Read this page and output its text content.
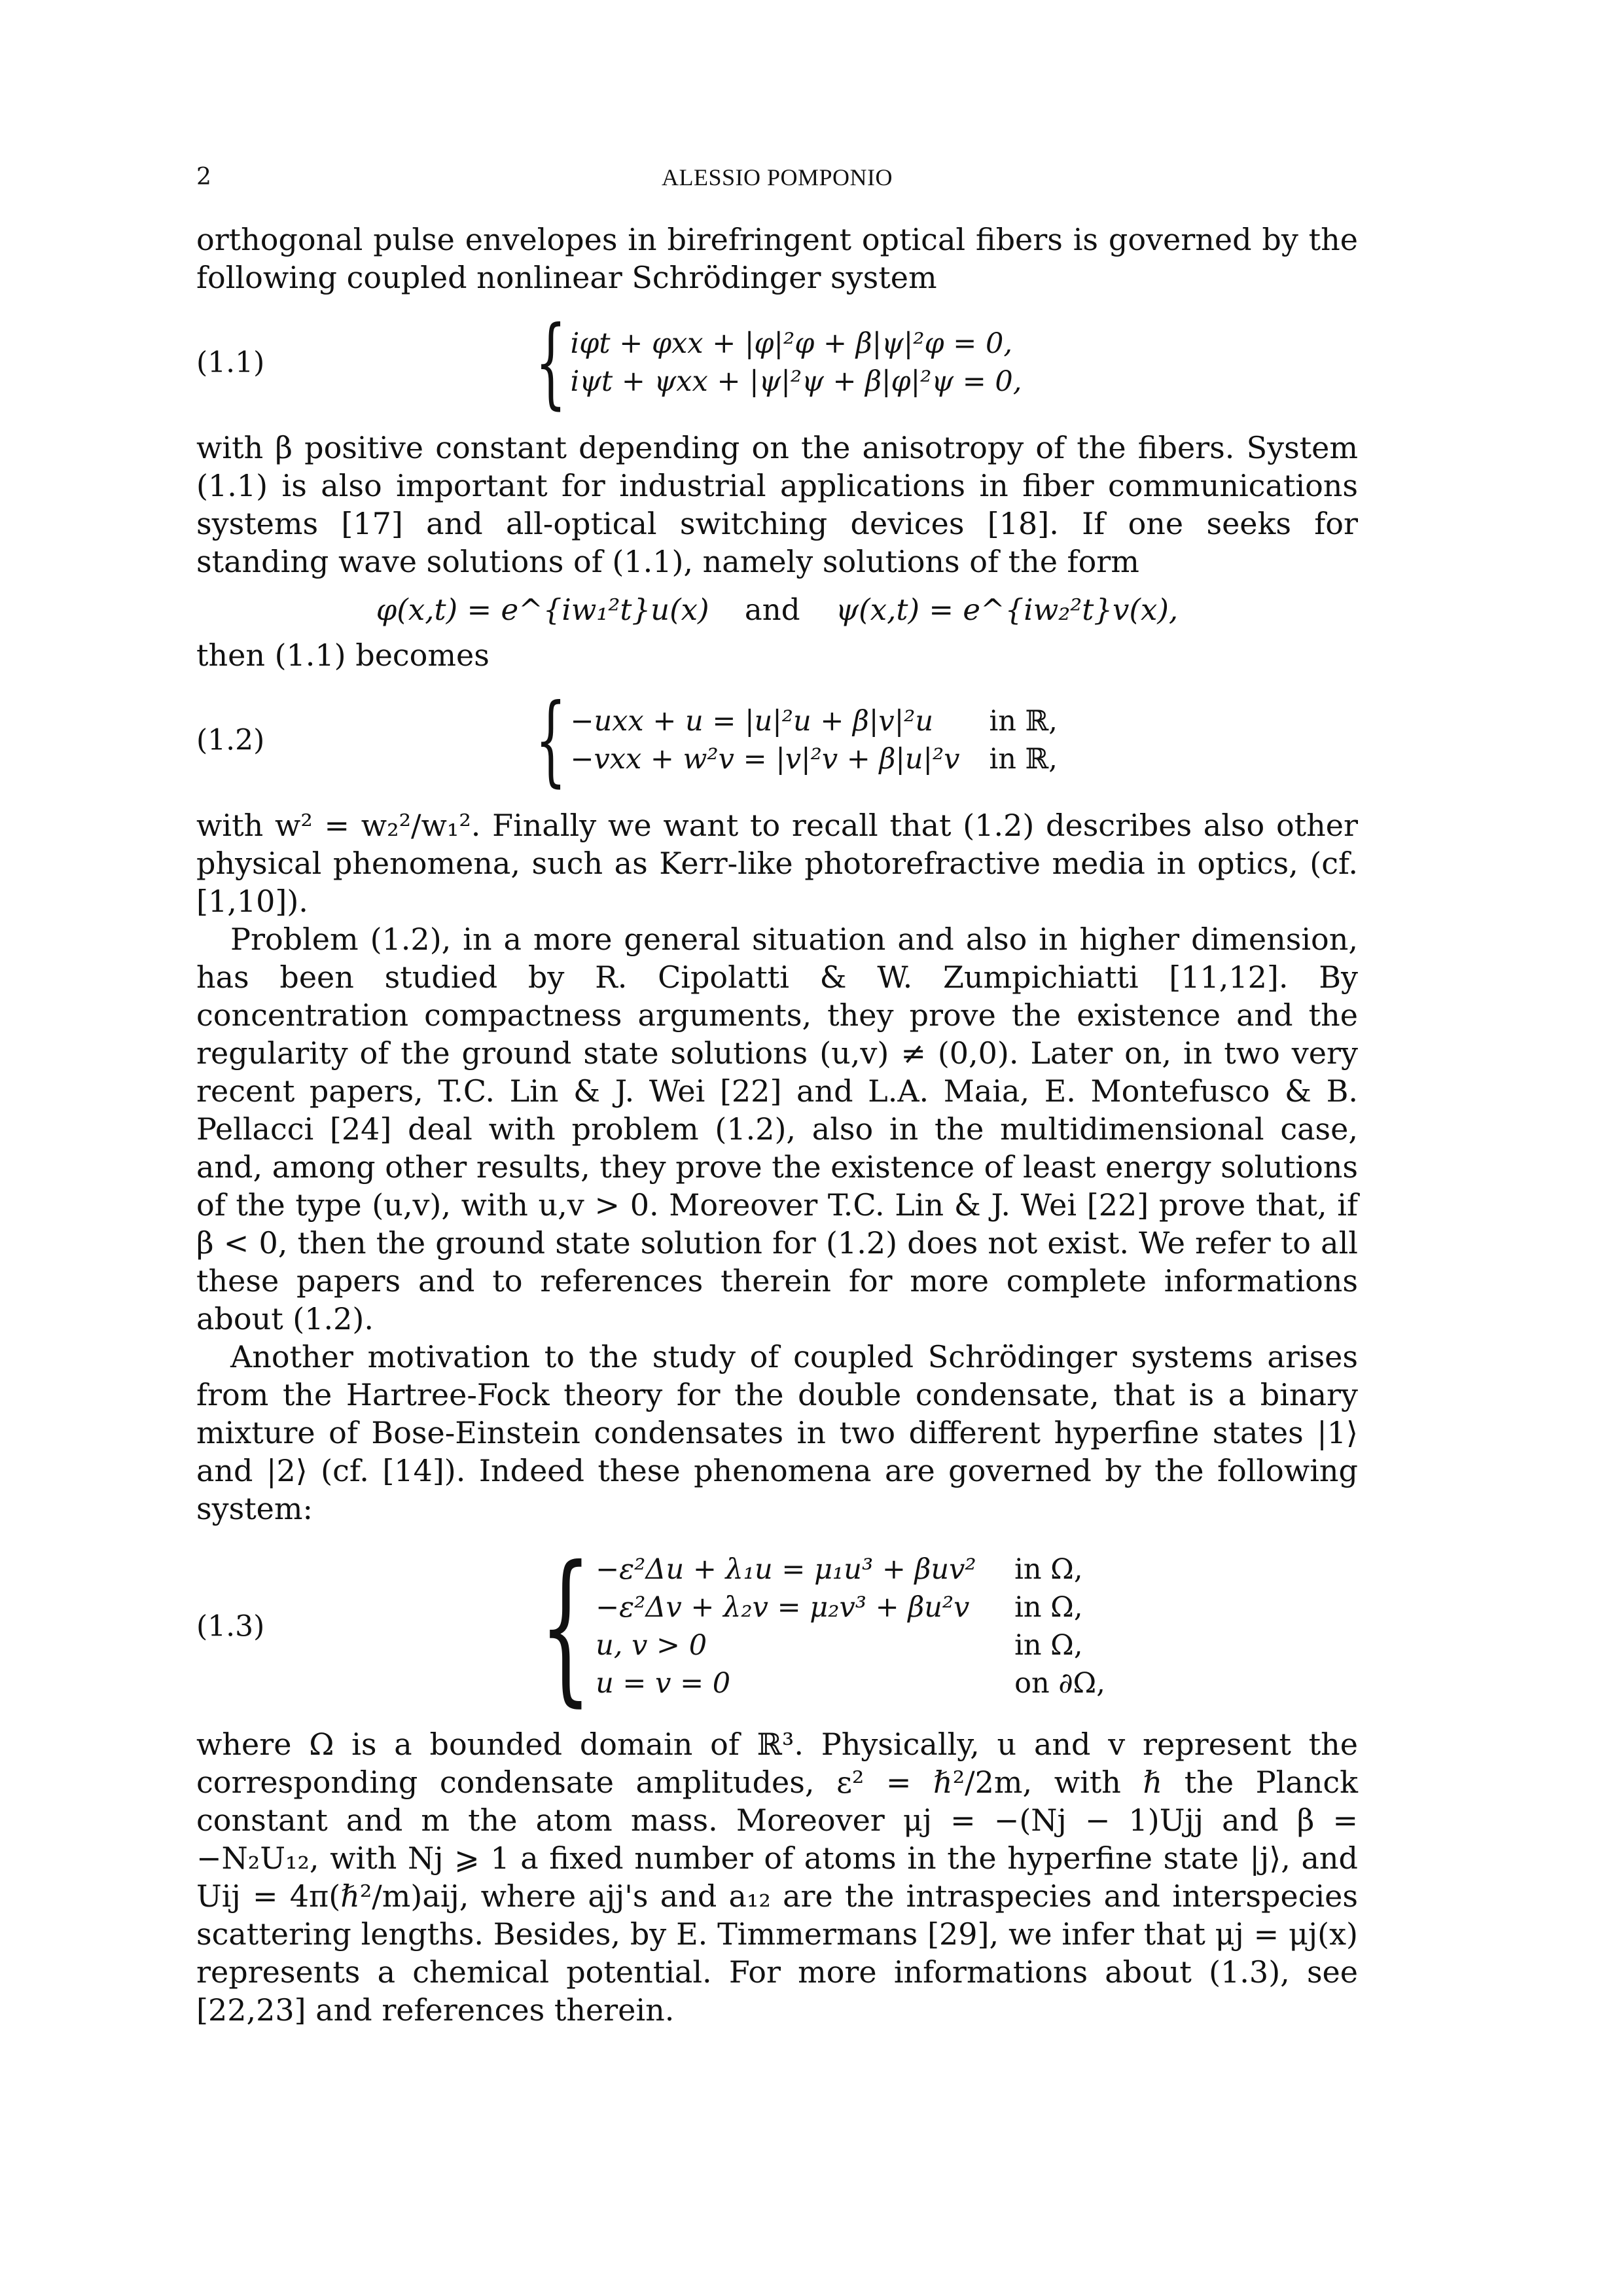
2	ALESSIO POMPONIO

orthogonal pulse envelopes in birefringent optical fibers is governed by the following coupled nonlinear Schrödinger system

(1.1)	{ iφt + φxx + |φ|²φ + β|ψ|²φ = 0,
iψt + ψxx + |ψ|²ψ + β|φ|²ψ = 0,

with β positive constant depending on the anisotropy of the fibers. System (1.1) is also important for industrial applications in fiber communications systems [17] and all-optical switching devices [18]. If one seeks for standing wave solutions of (1.1), namely solutions of the form

φ(x,t) = e^{iw₁²t}u(x) and ψ(x,t) = e^{iw₂²t}v(x),

then (1.1) becomes

(1.2)	{ −uxx + u = |u|²u + β|v|²u	in ℝ,
−vxx + w²v = |v|²v + β|u|²v	in ℝ,

with w² = w₂²/w₁². Finally we want to recall that (1.2) describes also other physical phenomena, such as Kerr-like photorefractive media in optics, (cf. [1,10]).

Problem (1.2), in a more general situation and also in higher dimension, has been studied by R. Cipolatti & W. Zumpichiatti [11,12]. By concentration compactness arguments, they prove the existence and the regularity of the ground state solutions (u,v) ≠ (0,0). Later on, in two very recent papers, T.C. Lin & J. Wei [22] and L.A. Maia, E. Montefusco & B. Pellacci [24] deal with problem (1.2), also in the multidimensional case, and, among other results, they prove the existence of least energy solutions of the type (u,v), with u,v > 0. Moreover T.C. Lin & J. Wei [22] prove that, if β < 0, then the ground state solution for (1.2) does not exist. We refer to all these papers and to references therein for more complete informations about (1.2).

Another motivation to the study of coupled Schrödinger systems arises from the Hartree-Fock theory for the double condensate, that is a binary mixture of Bose-Einstein condensates in two different hyperfine states |1⟩ and |2⟩ (cf. [14]). Indeed these phenomena are governed by the following system:

(1.3) { −ε²Δu + λ₁u = μ₁u³ + βuv²	in Ω,
−ε²Δv + λ₂v = μ₂v³ + βu²v	in Ω,
u, v > 0	in Ω,
u = v = 0	on ∂Ω,

where Ω is a bounded domain of ℝ³. Physically, u and v represent the corresponding condensate amplitudes, ε² = ℏ²/2m, with ℏ the Planck constant and m the atom mass. Moreover μj = −(Nj − 1)Ujj and β = −N₂U₁₂, with Nj ⩾ 1 a fixed number of atoms in the hyperfine state |j⟩, and Uij = 4π(ℏ²/m)aij, where ajj's and a₁₂ are the intraspecies and interspecies scattering lengths. Besides, by E. Timmermans [29], we infer that μj = μj(x) represents a chemical potential. For more informations about (1.3), see [22,23] and references therein.
